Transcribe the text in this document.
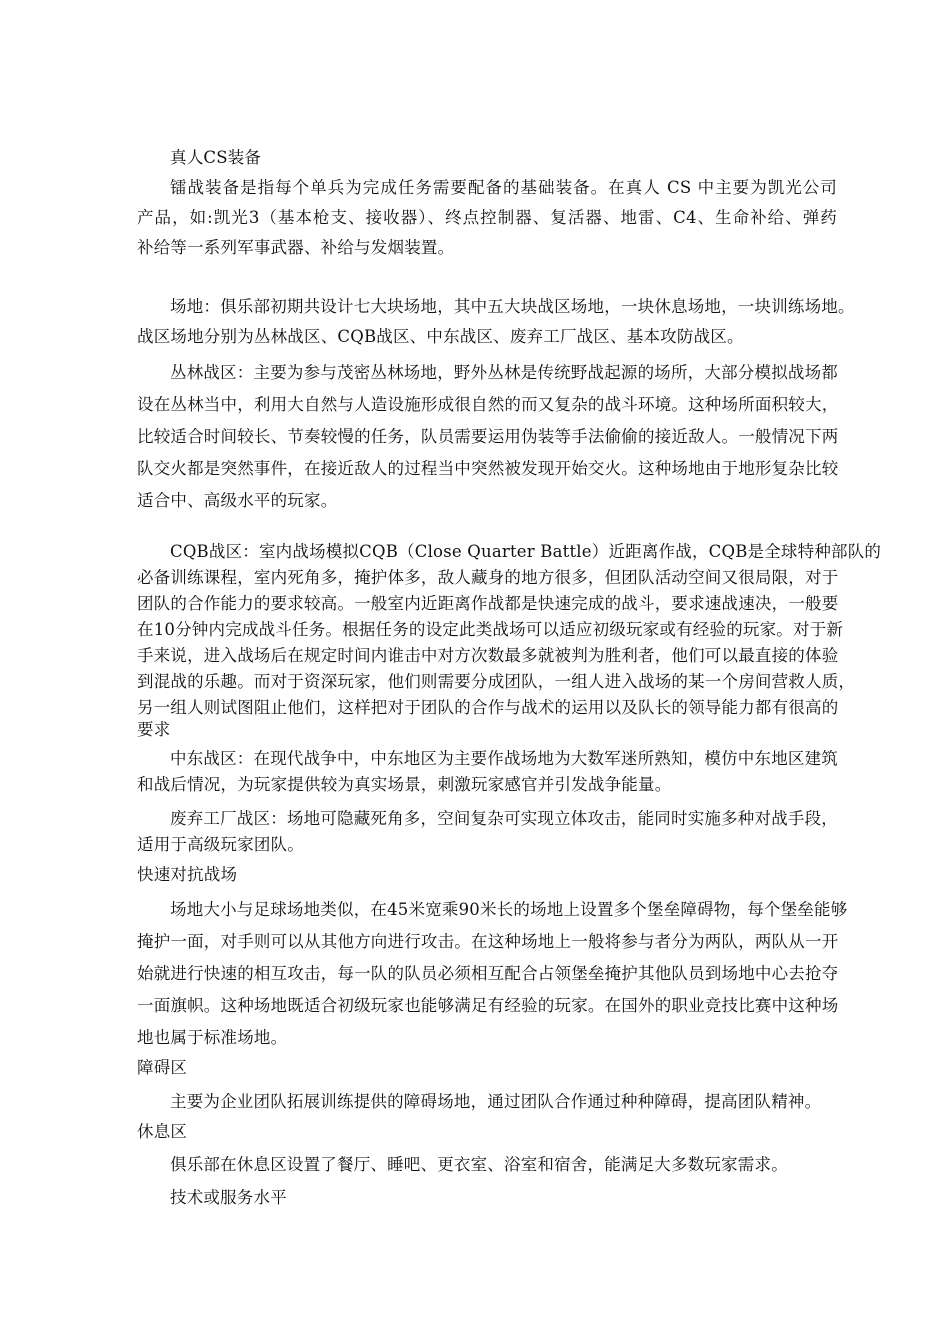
真人CS装备
镭战装备是指每个单兵为完成任务需要配备的基础装备。在真人 CS 中主要为凯光公司
产品，如:凯光3（基本枪支、接收器）、终点控制器、复活器、地雷、C4、生命补给、弹药
补给等一系列军事武器、补给与发烟装置。
场地：俱乐部初期共设计七大块场地，其中五大块战区场地，一块休息场地，一块训练场地。
战区场地分别为丛林战区、CQB战区、中东战区、废弃工厂战区、基本攻防战区。
丛林战区：主要为参与茂密丛林场地，野外丛林是传统野战起源的场所，大部分模拟战场都
设在丛林当中，利用大自然与人造设施形成很自然的而又复杂的战斗环境。这种场所面积较大，
比较适合时间较长、节奏较慢的任务，队员需要运用伪装等手法偷偷的接近敌人。一般情况下两
队交火都是突然事件，在接近敌人的过程当中突然被发现开始交火。这种场地由于地形复杂比较
适合中、高级水平的玩家。
CQB战区：室内战场模拟CQB（Close Quarter Battle）近距离作战，CQB是全球特种部队的
必备训练课程，室内死角多，掩护体多，敌人藏身的地方很多，但团队活动空间又很局限，对于
团队的合作能力的要求较高。一般室内近距离作战都是快速完成的战斗，要求速战速决，一般要
在10分钟内完成战斗任务。根据任务的设定此类战场可以适应初级玩家或有经验的玩家。对于新
手来说，进入战场后在规定时间内谁击中对方次数最多就被判为胜利者，他们可以最直接的体验
到混战的乐趣。而对于资深玩家，他们则需要分成团队，一组人进入战场的某一个房间营救人质，
另一组人则试图阻止他们，这样把对于团队的合作与战术的运用以及队长的领导能力都有很高的
要求
中东战区：在现代战争中，中东地区为主要作战场地为大数军迷所熟知，模仿中东地区建筑
和战后情况，为玩家提供较为真实场景，刺激玩家感官并引发战争能量。
废弃工厂战区：场地可隐藏死角多，空间复杂可实现立体攻击，能同时实施多种对战手段，
适用于高级玩家团队。
快速对抗战场
场地大小与足球场地类似，在45米宽乘90米长的场地上设置多个堡垒障碍物，每个堡垒能够
掩护一面，对手则可以从其他方向进行攻击。在这种场地上一般将参与者分为两队，两队从一开
始就进行快速的相互攻击，每一队的队员必须相互配合占领堡垒掩护其他队员到场地中心去抢夺
一面旗帜。这种场地既适合初级玩家也能够满足有经验的玩家。在国外的职业竞技比赛中这种场
地也属于标准场地。
障碍区
主要为企业团队拓展训练提供的障碍场地，通过团队合作通过种种障碍，提高团队精神。
休息区
俱乐部在休息区设置了餐厅、睡吧、更衣室、浴室和宿舍，能满足大多数玩家需求。
技术或服务水平
